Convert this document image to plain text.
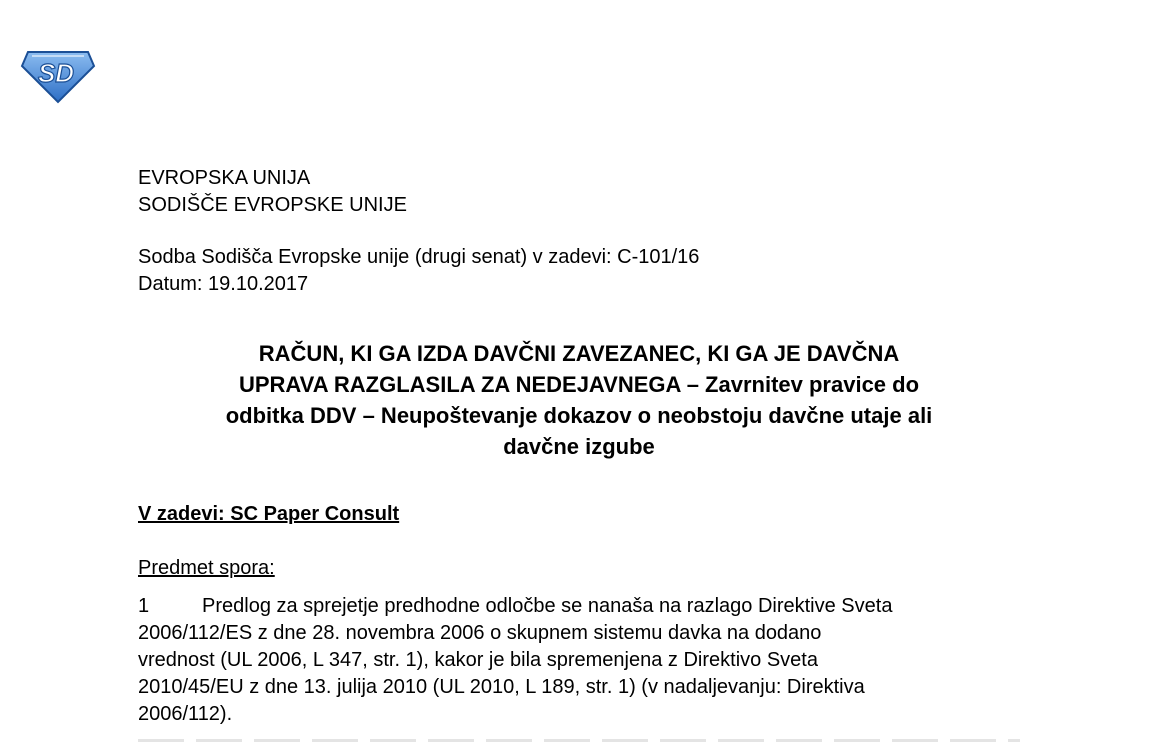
SD
EVROPSKA UNIJA
SODIŠČE EVROPSKE UNIJE
Sodba Sodišča Evropske unije (drugi senat) v zadevi: C-101/16
Datum: 19.10.2017
RAČUN, KI GA IZDA DAVČNI ZAVEZANEC, KI GA JE DAVČNA
UPRAVA RAZGLASILA ZA NEDEJAVNEGA – Zavrnitev pravice do
odbitka DDV – Neupoštevanje dokazov o neobstoju davčne utaje ali
davčne izgube
V zadevi: SC Paper Consult
Predmet spora:
1	Predlog za sprejetje predhodne odločbe se nanaša na razlago Direktive Sveta
2006/112/ES z dne 28. novembra 2006 o skupnem sistemu davka na dodano
vrednost (UL 2006, L 347, str. 1), kakor je bila spremenjena z Direktivo Sveta
2010/45/EU z dne 13. julija 2010 (UL 2010, L 189, str. 1) (v nadaljevanju: Direktiva
2006/112).
